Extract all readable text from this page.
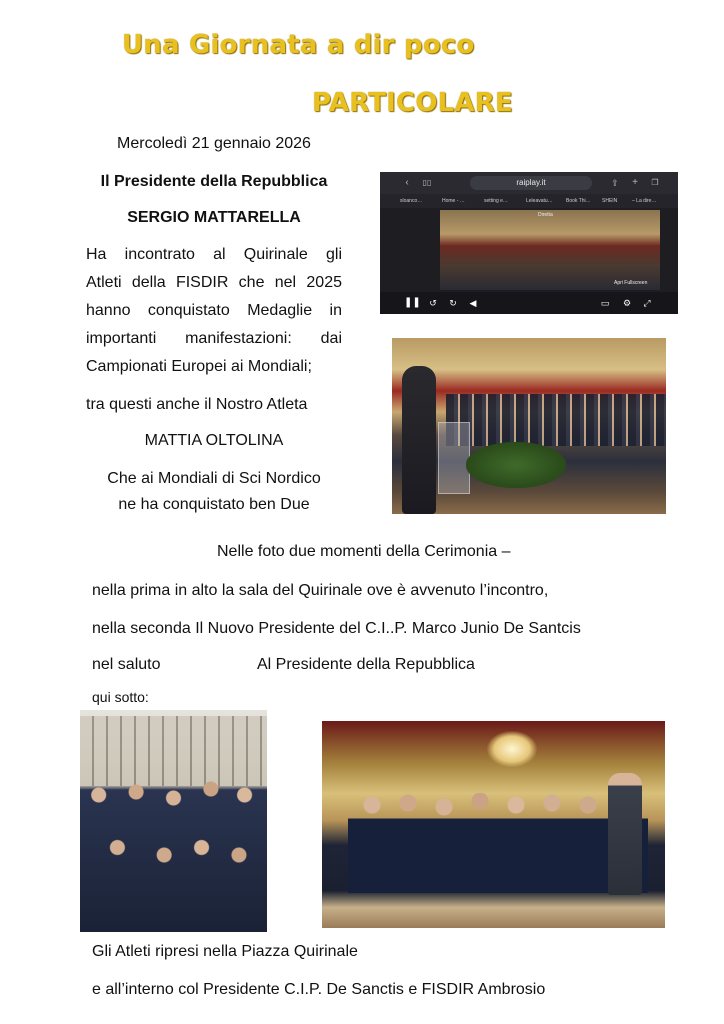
Una Giornata a dir poco
PARTICOLARE
Mercoledì 21 gennaio 2026
Il Presidente della Repubblica
SERGIO MATTARELLA
Ha incontrato al Quirinale gli
Atleti della FISDIR che nel 2025
hanno conquistato Medaglie in
importanti manifestazioni: dai
Campionati Europei ai Mondiali;
tra questi anche il Nostro Atleta
MATTIA OLTOLINA
Che ai Mondiali di Sci Nordico
ne ha conquistato ben Due
‹	▯▯	raiplay.it	⇪	+	❐
sloanco…	Home - …	setting e…	Leleavatu…	Book Thi… SHEIN	– La dire…
Diretta
Apri Fullscreen
❚❚ ↺	↻	◀	▭	⚙	⤢
Nelle foto due momenti della Cerimonia –
nella prima in alto la sala del Quirinale ove è avvenuto l’incontro,
nella seconda Il Nuovo Presidente del C.I..P. Marco Junio De Santcis
nel saluto	Al Presidente della Repubblica
qui sotto:
Gli Atleti ripresi nella Piazza Quirinale
e all’interno col Presidente C.I.P. De Sanctis e FISDIR Ambrosio
